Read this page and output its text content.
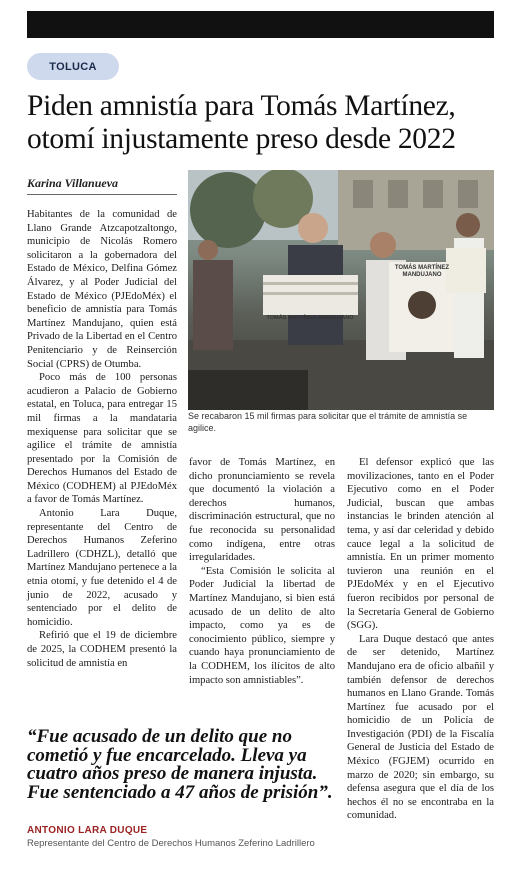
TOLUCA
Piden amnistía para Tomás Martínez, otomí injustamente preso desde 2022
Karina Villanueva

Habitantes de la comunidad de Llano Grande Atzcapotzaltongo, municipio de Nicolás Romero solicitaron a la gobernadora del Estado de México, Delfina Gómez Álvarez, y al Poder Judicial del Estado de México (PJEdoMéx) el beneficio de amnistía para Tomás Martínez Mandujano, quien está Privado de la Libertad en el Centro Penitenciario y de Reinserción Social (CPRS) de Otumba.

Poco más de 100 personas acudieron a Palacio de Gobierno estatal, en Toluca, para entregar 15 mil firmas a la mandataria mexiquense para solicitar que se agilice el trámite de amnistía presentado por la Comisión de Derechos Humanos del Estado de México (CODHEM) al PJEdoMéx a favor de Tomás Martínez.

Antonio Lara Duque, representante del Centro de Derechos Humanos Zeferino Ladrillero (CDHZL), detalló que Martínez Mandujano pertenece a la etnia otomí, y fue detenido el 4 de junio de 2022, acusado y sentenciado por el delito de homicidio.

Refirió que el 19 de diciembre de 2025, la CODHEM presentó la solicitud de amnistía en

TOMÁS MARTÍNEZ MANDUJANO
TOMÁS MARTÍNEZ MANDUJANO
Se recabaron 15 mil firmas para solicitar que el trámite de amnistía se agilice.

favor de Tomás Martínez, en dicho pronunciamiento se revela que documentó la violación a derechos humanos, discriminación estructural, que no fue reconocida su personalidad como indígena, entre otras irregularidades.

“Esta Comisión le solicita al Poder Judicial la libertad de Martínez Mandujano, si bien está acusado de un delito de alto impacto, como ya es de conocimiento público, siempre y cuando haya pronunciamiento de la CODHEM, los ilícitos de alto impacto son amnistiables”.

El defensor explicó que las movilizaciones, tanto en el Poder Ejecutivo como en el Poder Judicial, buscan que ambas instancias le brinden atención al tema, y así dar celeridad y debido cauce legal a la solicitud de amnistía. En un primer momento tuvieron una reunión en el PJEdoMéx y en el Ejecutivo fueron recibidos por personal de la Secretaría General de Gobierno (SGG).

Lara Duque destacó que antes de ser detenido, Martínez Mandujano era de oficio albañil y también defensor de derechos humanos en Llano Grande. Tomás Martínez fue acusado por el homicidio de un Policía de Investigación (PDI) de la Fiscalía General de Justicia del Estado de México (FGJEM) ocurrido en marzo de 2020; sin embargo, su defensa asegura que el día de los hechos él no se encontraba en la comunidad.

“Fue acusado de un delito que no cometió y fue encarcelado. Lleva ya cuatro años preso de manera injusta. Fue sentenciado a 47 años de prisión”.

ANTONIO LARA DUQUE
Representante del Centro de Derechos Humanos Zeferino Ladrillero
